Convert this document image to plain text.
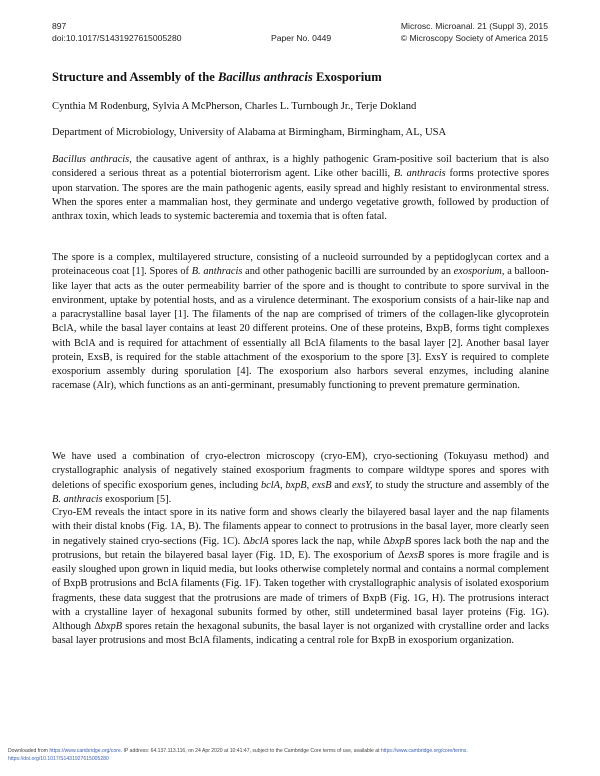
897
doi:10.1017/S1431927615005280	Paper No. 0449
Microsc. Microanal. 21 (Suppl 3), 2015
© Microscopy Society of America 2015
Structure and Assembly of the Bacillus anthracis Exosporium
Cynthia M Rodenburg, Sylvia A McPherson, Charles L. Turnbough Jr., Terje Dokland
Department of Microbiology, University of Alabama at Birmingham, Birmingham, AL, USA

Bacillus anthracis, the causative agent of anthrax, is a highly pathogenic Gram-positive soil bacterium that is also considered a serious threat as a potential bioterrorism agent. Like other bacilli, B. anthracis forms protective spores upon starvation. The spores are the main pathogenic agents, easily spread and highly resistant to environmental stress. When the spores enter a mammalian host, they germinate and undergo vegetative growth, followed by production of anthrax toxin, which leads to systemic bacteremia and toxemia that is often fatal.

The spore is a complex, multilayered structure, consisting of a nucleoid surrounded by a peptidoglycan cortex and a proteinaceous coat [1]. Spores of B. anthracis and other pathogenic bacilli are surrounded by an exosporium, a balloon-like layer that acts as the outer permeability barrier of the spore and is thought to contribute to spore survival in the environment, uptake by potential hosts, and as a virulence determinant. The exosporium consists of a hair-like nap and a paracrystalline basal layer [1]. The filaments of the nap are comprised of trimers of the collagen-like glycoprotein BclA, while the basal layer contains at least 20 different proteins. One of these proteins, BxpB, forms tight complexes with BclA and is required for attachment of essentially all BclA filaments to the basal layer [2]. Another basal layer protein, ExsB, is required for the stable attachment of the exosporium to the spore [3]. ExsY is required to complete exosporium assembly during sporulation [4]. The exosporium also harbors several enzymes, including alanine racemase (Alr), which functions as an anti-germinant, presumably functioning to prevent premature germination.

We have used a combination of cryo-electron microscopy (cryo-EM), cryo-sectioning (Tokuyasu method) and crystallographic analysis of negatively stained exosporium fragments to compare wildtype spores and spores with deletions of specific exosporium genes, including bclA, bxpB, exsB and exsY, to study the structure and assembly of the B. anthracis exosporium [5].

Cryo-EM reveals the intact spore in its native form and shows clearly the bilayered basal layer and the nap filaments with their distal knobs (Fig. 1A, B). The filaments appear to connect to protrusions in the basal layer, more clearly seen in negatively stained cryo-sections (Fig. 1C). ΔbclA spores lack the nap, while ΔbxpB spores lack both the nap and the protrusions, but retain the bilayered basal layer (Fig. 1D, E). The exosporium of ΔexsB spores is more fragile and is easily sloughed upon grown in liquid media, but looks otherwise completely normal and contains a normal complement of BxpB protrusions and BclA filaments (Fig. 1F). Taken together with crystallographic analysis of isolated exosporium fragments, these data suggest that the protrusions are made of trimers of BxpB (Fig. 1G, H). The protrusions interact with a crystalline layer of hexagonal subunits formed by other, still undetermined basal layer proteins (Fig. 1G). Although ΔbxpB spores retain the hexagonal subunits, the basal layer is not organized with crystalline order and lacks basal layer protrusions and most BclA filaments, indicating a central role for BxpB in exosporium organization.

Downloaded from https://www.cambridge.org/core. IP address: 64.137.113.116, on 24 Apr 2020 at 10:41:47, subject to the Cambridge Core terms of use, available at https://www.cambridge.org/core/terms.
https://doi.org/10.1017/S1431927615005280
